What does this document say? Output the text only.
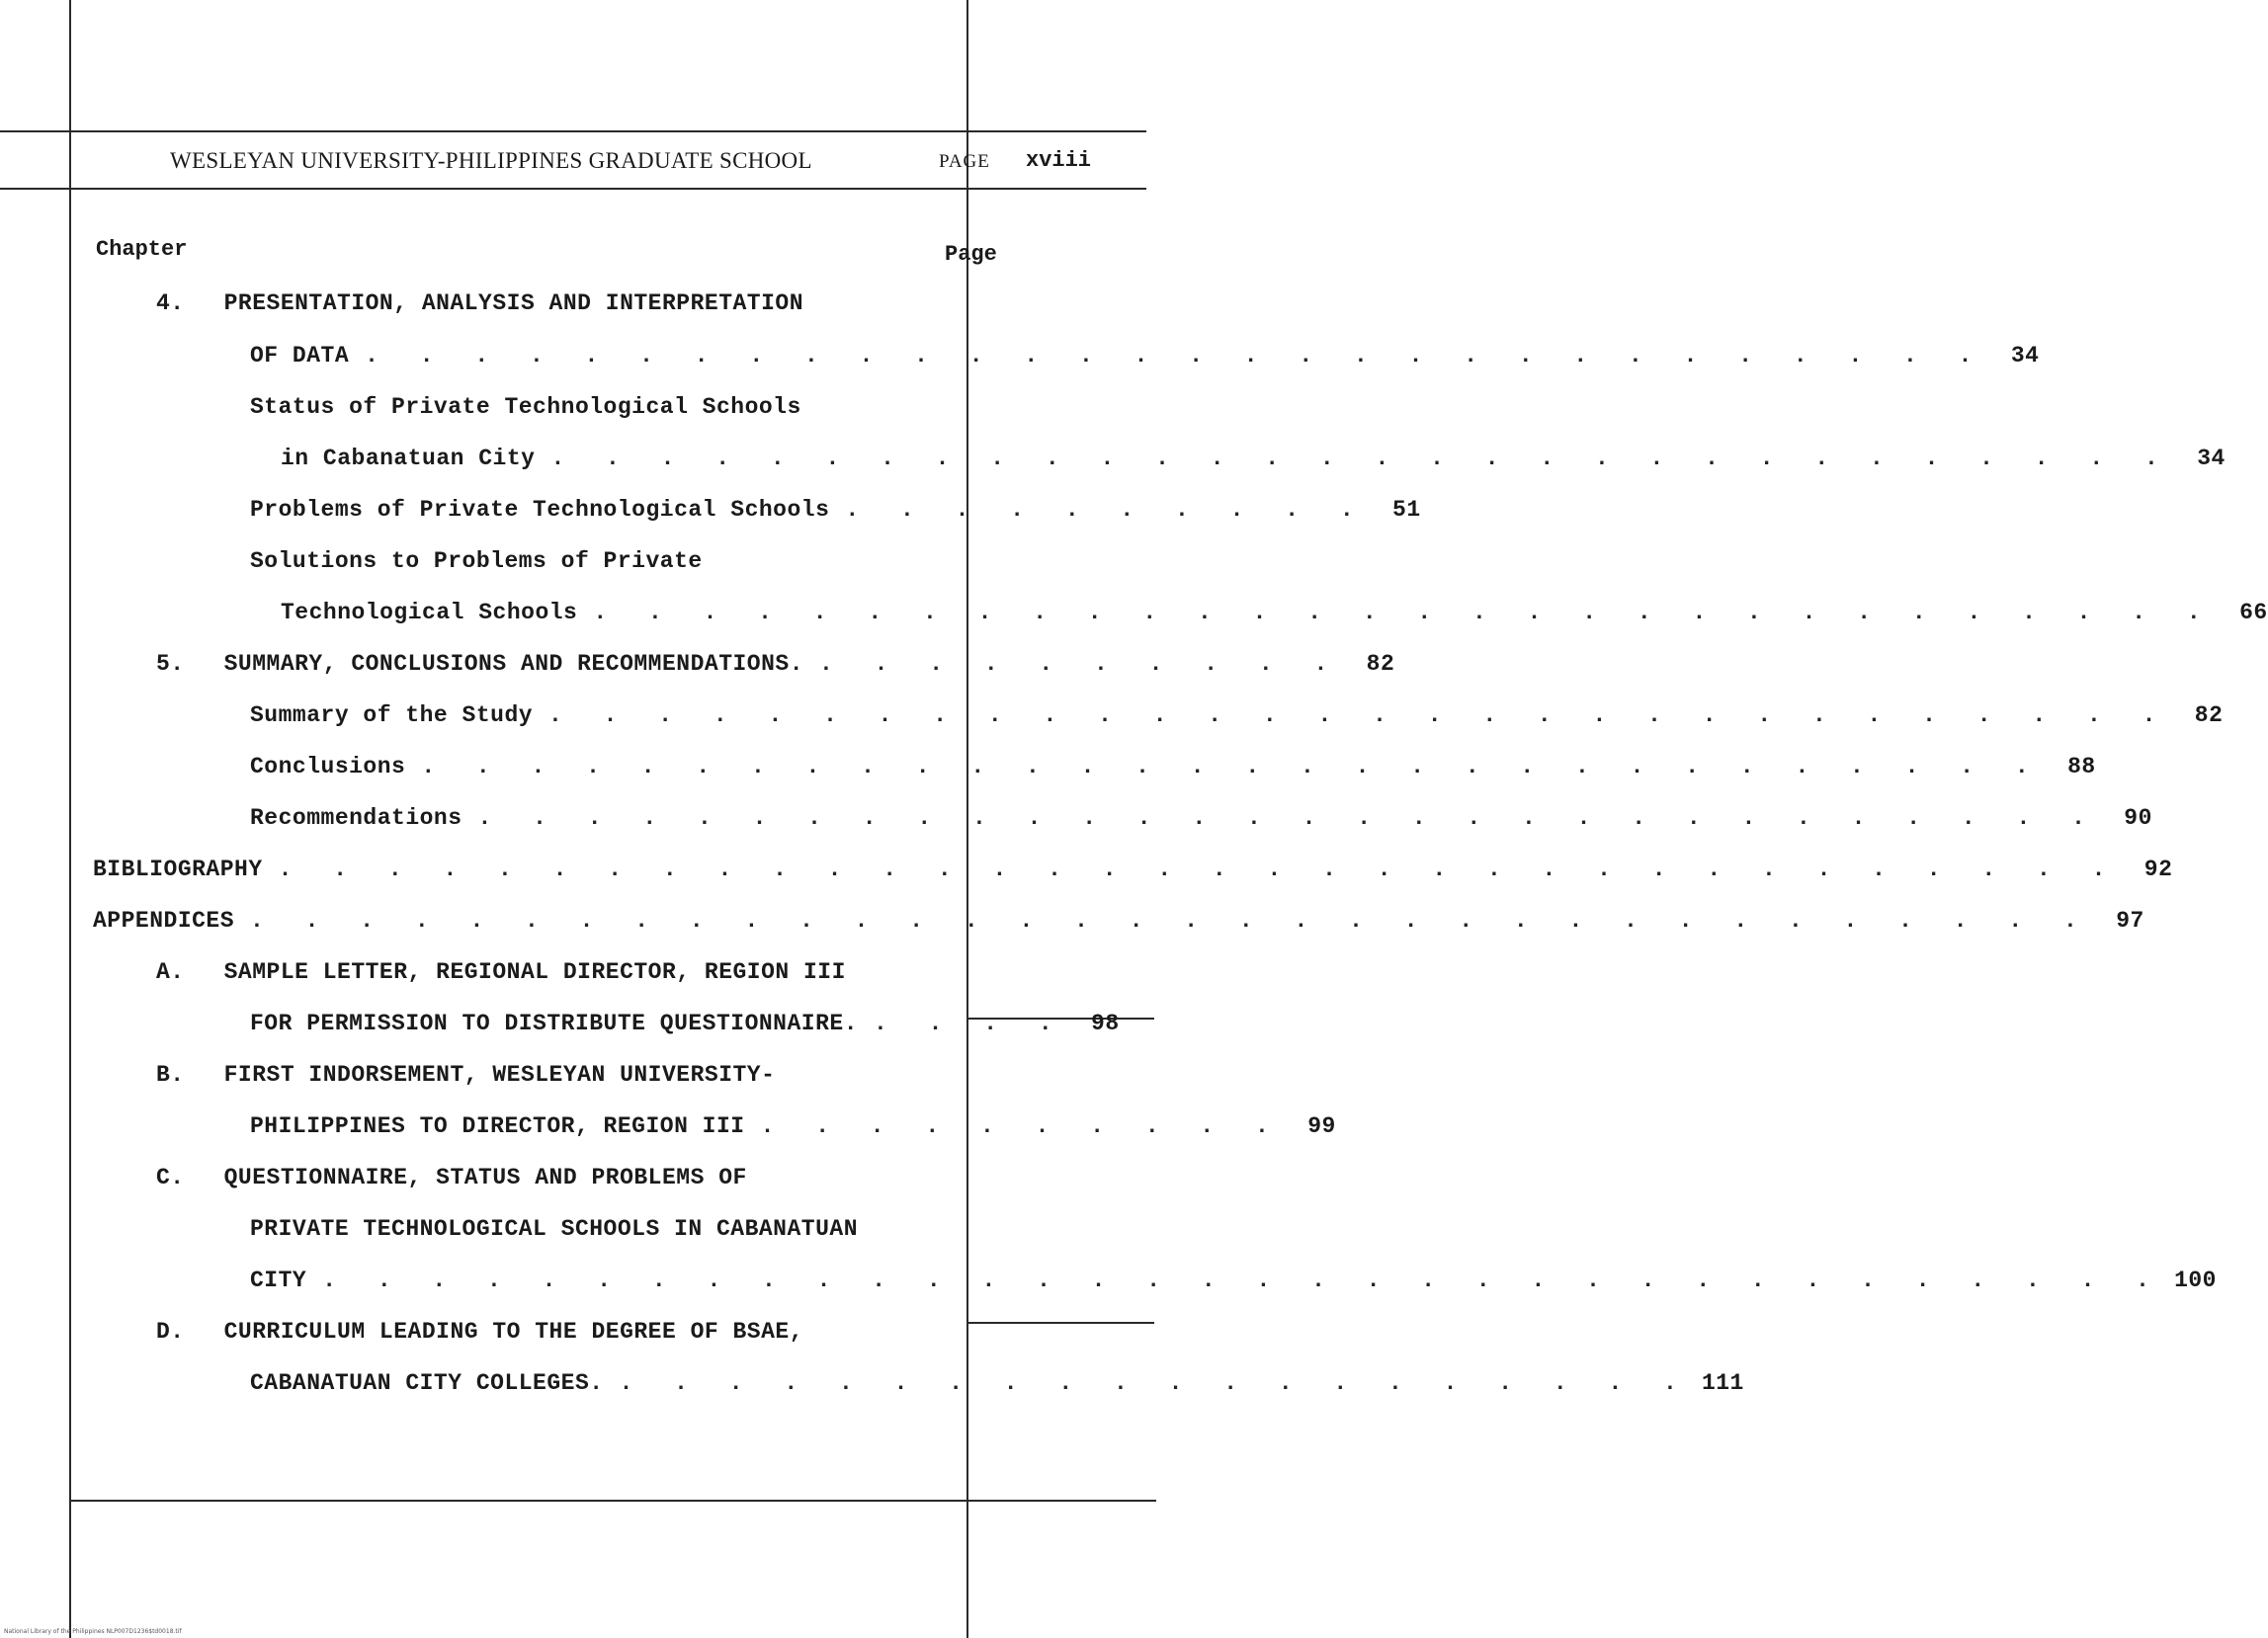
WESLEYAN UNIVERSITY-PHILIPPINES GRADUATE SCHOOL	PAGE xviii
Chapter	Page
4. PRESENTATION, ANALYSIS AND INTERPRETATION
OF DATA . . . . . . . . . . . . . . . . . . . . . . . . . . . . . .	34
Status of Private Technological Schools
in Cabanatuan City . . . . . . . . . . . . . . . . . . . . . . . . . . . . . .	34
Problems of Private Technological Schools . . . . . . . . . .	51
Solutions to Problems of Private
Technological Schools . . . . . . . . . . . . . . . . . . . . . . . . . . . . . .	66
5. SUMMARY, CONCLUSIONS AND RECOMMENDATIONS. . . . . . . . . . .	82
Summary of the Study . . . . . . . . . . . . . . . . . . . . . . . . . . . . . .	82
Conclusions . . . . . . . . . . . . . . . . . . . . . . . . . . . . . .	88
Recommendations . . . . . . . . . . . . . . . . . . . . . . . . . . . . . .	90
BIBLIOGRAPHY . . . . . . . . . . . . . . . . . . . . . . . . . . . . . . . . . .	92
APPENDICES . . . . . . . . . . . . . . . . . . . . . . . . . . . . . . . . . .	97
A. SAMPLE LETTER, REGIONAL DIRECTOR, REGION III
FOR PERMISSION TO DISTRIBUTE QUESTIONNAIRE. . . . .	98
B. FIRST INDORSEMENT, WESLEYAN UNIVERSITY-
PHILIPPINES TO DIRECTOR, REGION III . . . . . . . . . .	99
C. QUESTIONNAIRE, STATUS AND PROBLEMS OF
PRIVATE TECHNOLOGICAL SCHOOLS IN CABANATUAN
CITY . . . . . . . . . . . . . . . . . . . . . . . . . . . . . . . . . . 100
D. CURRICULUM LEADING TO THE DEGREE OF BSAE,
CABANATUAN CITY COLLEGES. . . . . . . . . . . . . . . . . . . . . 111
National Library of the Philippines NLP007D1236$td0018.tif
